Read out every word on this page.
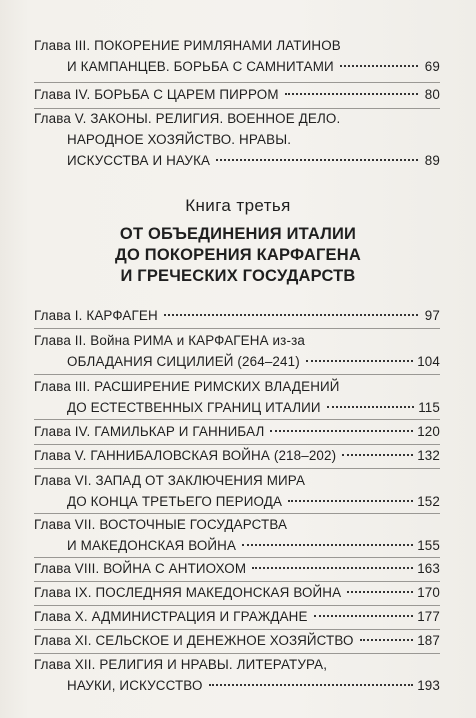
Глава III. ПОКОРЕНИЕ РИМЛЯНАМИ ЛАТИНОВ
И КАМПАНЦЕВ. БОРЬБА С САМНИТАМИ	69
Глава IV. БОРЬБА С ЦАРЕМ ПИРРОМ	80
Глава V. ЗАКОНЫ. РЕЛИГИЯ. ВОЕННОЕ ДЕЛО.
НАРОДНОЕ ХОЗЯЙСТВО. НРАВЫ.
ИСКУССТВА И НАУКА	89
Книга третья
ОТ ОБЪЕДИНЕНИЯ ИТАЛИИ
ДО ПОКОРЕНИЯ КАРФАГЕНА
И ГРЕЧЕСКИХ ГОСУДАРСТВ
Глава I. КАРФАГЕН	97
Глава II. Война РИМА и КАРФАГЕНА из-за
ОБЛАДАНИЯ СИЦИЛИЕЙ (264–241)	104
Глава III. РАСШИРЕНИЕ РИМСКИХ ВЛАДЕНИЙ
ДО ЕСТЕСТВЕННЫХ ГРАНИЦ ИТАЛИИ	115
Глава IV. ГАМИЛЬКАР И ГАННИБАЛ	120
Глава V. ГАННИБАЛОВСКАЯ ВОЙНА (218–202)	132
Глава VI. ЗАПАД ОТ ЗАКЛЮЧЕНИЯ МИРА
ДО КОНЦА ТРЕТЬЕГО ПЕРИОДА	152
Глава VII. ВОСТОЧНЫЕ ГОСУДАРСТВА
И МАКЕДОНСКАЯ ВОЙНА	155
Глава VIII. ВОЙНА С АНТИОХОМ	163
Глава IX. ПОСЛЕДНЯЯ МАКЕДОНСКАЯ ВОЙНА	170
Глава X. АДМИНИСТРАЦИЯ И ГРАЖДАНЕ	177
Глава XI. СЕЛЬСКОЕ И ДЕНЕЖНОЕ ХОЗЯЙСТВО	187
Глава XII. РЕЛИГИЯ И НРАВЫ. ЛИТЕРАТУРА,
НАУКИ, ИСКУССТВО	193
